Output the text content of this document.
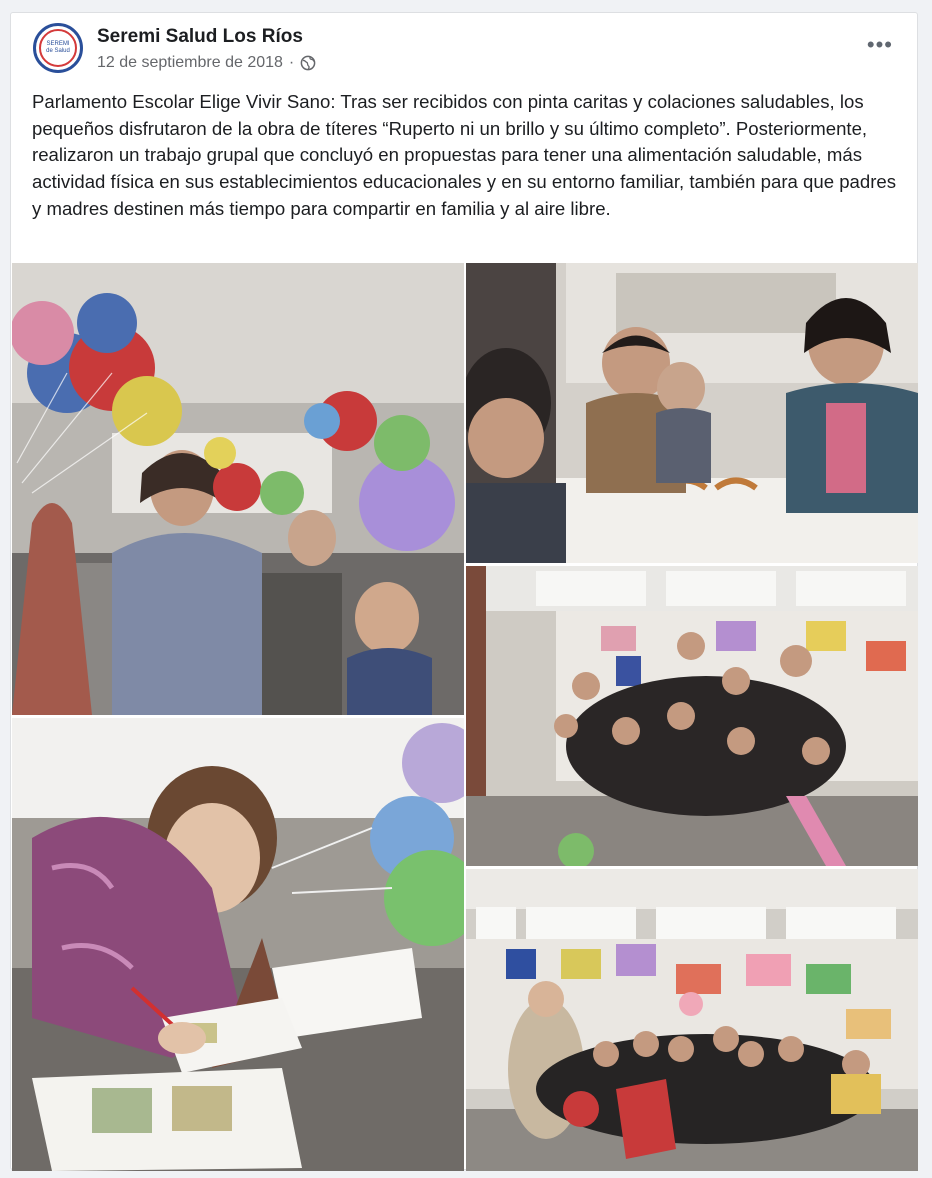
SEREMI
de Salud
Seremi Salud Los Ríos
12 de septiembre de 2018 ·
•••

Parlamento Escolar Elige Vivir Sano: Tras ser recibidos con pinta caritas y colaciones saludables, los pequeños disfrutaron de la obra de títeres “Ruperto ni un brillo y su último completo”. Posteriormente, realizaron un trabajo grupal que concluyó en propuestas para tener una alimentación saludable, más actividad física en sus establecimientos educacionales y en su entorno familiar, también para que padres y madres destinen más tiempo para compartir en familia y al aire libre.
